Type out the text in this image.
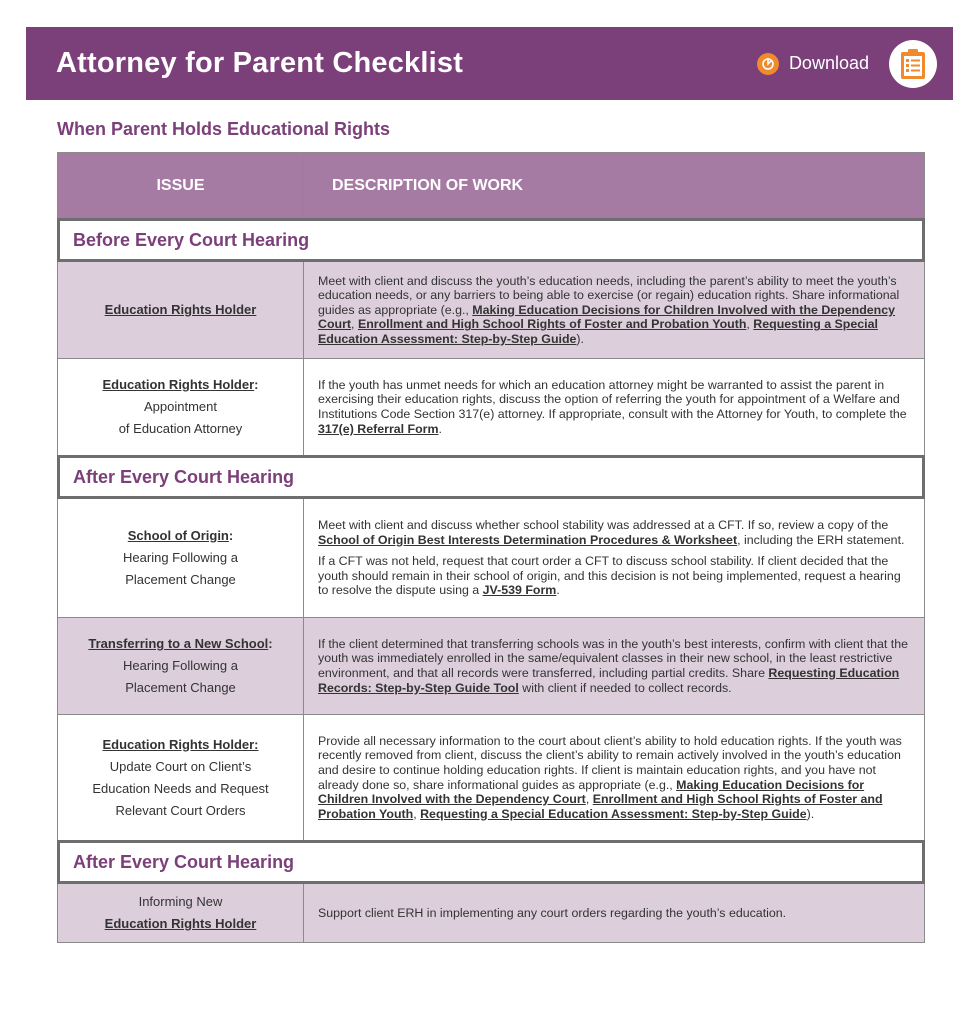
Attorney for Parent Checklist	Download
When Parent Holds Educational Rights
ISSUE	DESCRIPTION OF WORK
Before Every Court Hearing
Education Rights Holder

Meet with client and discuss the youth’s education needs, including the parent’s ability to meet the youth’s education needs, or any barriers to being able to exercise (or regain) education rights. Share informational guides as appropriate (e.g., Making Education Decisions for Children Involved with the Dependency Court, Enrollment and High School Rights of Foster and Probation Youth, Requesting a Special Education Assessment: Step-by-Step Guide).

Education Rights Holder:
Appointment
of Education Attorney

If the youth has unmet needs for which an education attorney might be warranted to assist the parent in exercising their education rights, discuss the option of referring the youth for appointment of a Welfare and Institutions Code Section 317(e) attorney. If appropriate, consult with the Attorney for Youth, to complete the 317(e) Referral Form.

After Every Court Hearing
School of Origin:
Hearing Following a
Placement Change

Meet with client and discuss whether school stability was addressed at a CFT. If so, review a copy of the School of Origin Best Interests Determination Procedures & Worksheet, including the ERH statement.

If a CFT was not held, request that court order a CFT to discuss school stability. If client decided that the youth should remain in their school of origin, and this decision is not being implemented, request a hearing to resolve the dispute using a JV-539 Form.

Transferring to a New School:
Hearing Following a
Placement Change

If the client determined that transferring schools was in the youth’s best interests, confirm with client that the youth was immediately enrolled in the same/equivalent classes in their new school, in the least restrictive environment, and that all records were transferred, including partial credits. Share Requesting Education Records: Step-by-Step Guide Tool with client if needed to collect records.

Education Rights Holder:
Update Court on Client’s
Education Needs and Request
Relevant Court Orders

Provide all necessary information to the court about client’s ability to hold education rights. If the youth was recently removed from client, discuss the client’s ability to remain actively involved in the youth’s education and desire to continue holding education rights. If client is maintain education rights, and you have not already done so, share informational guides as appropriate (e.g., Making Education Decisions for Children Involved with the Dependency Court, Enrollment and High School Rights of Foster and Probation Youth, Requesting a Special Education Assessment: Step-by-Step Guide).

After Every Court Hearing
Informing New
Education Rights Holder

Support client ERH in implementing any court orders regarding the youth’s education.
